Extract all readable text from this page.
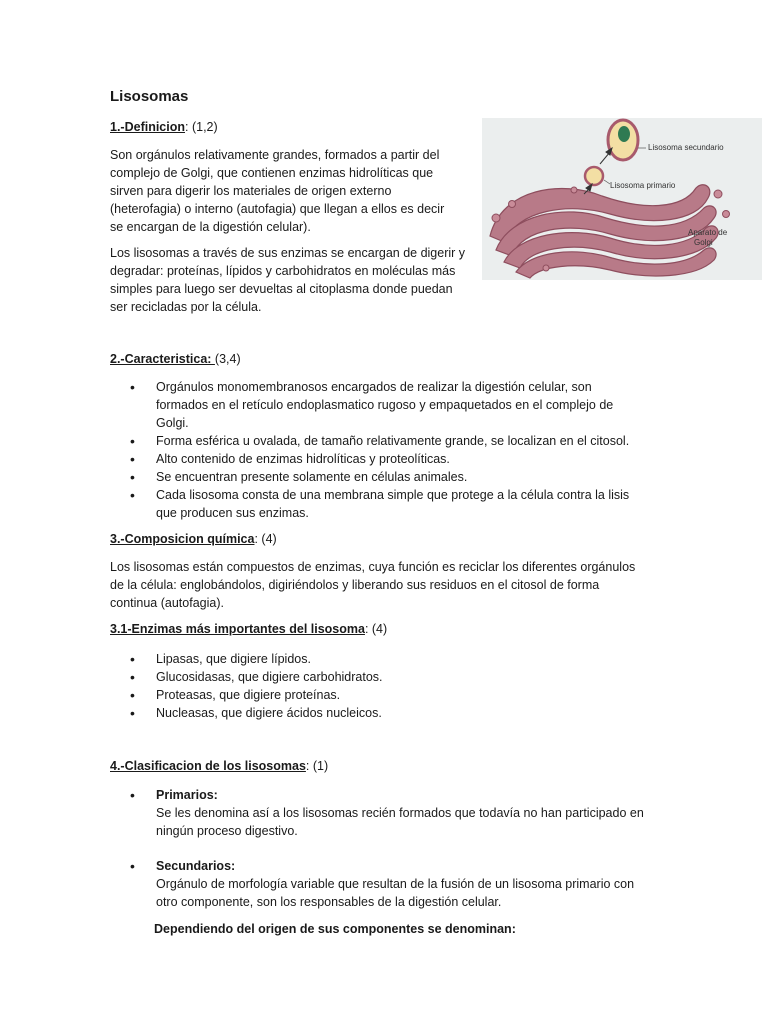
Lisosomas

1.-Definicion: (1,2)

Son orgánulos relativamente grandes, formados a partir del
complejo de Golgi, que contienen enzimas hidrolíticas que
sirven para digerir los materiales de origen externo
(heterofagia) o interno (autofagia) que llegan a ellos es decir
se encargan de la digestión celular).
Los lisosomas a través de sus enzimas se encargan de digerir y
degradar: proteínas, lípidos y carbohidratos en moléculas más
simples para luego ser devueltas al citoplasma donde puedan
ser recicladas por la célula.
Lisosoma secundario
Lisosoma primario
Aparato de
Golgi

2.-Caracteristica: (3,4)

• Orgánulos monomembranosos encargados de realizar la digestión celular, son
formados en el retículo endoplasmatico rugoso y empaquetados en el complejo de
Golgi.
• Forma esférica u ovalada, de tamaño relativamente grande, se localizan en el citosol.
• Alto contenido de enzimas hidrolíticas y proteolíticas.
• Se encuentran presente solamente en células animales.
• Cada lisosoma consta de una membrana simple que protege a la célula contra la lisis
que producen sus enzimas.

3.-Composicion química: (4)

Los lisosomas están compuestos de enzimas, cuya función es reciclar los diferentes orgánulos
de la célula: englobándolos, digiriéndolos y liberando sus residuos en el citosol de forma
continua (autofagia).

3.1-Enzimas más importantes del lisosoma: (4)

• Lipasas, que digiere lípidos.
• Glucosidasas, que digiere carbohidratos.
• Proteasas, que digiere proteínas.
• Nucleasas, que digiere ácidos nucleicos.

4.-Clasificacion de los lisosomas: (1)

• Primarios:
Se les denomina así a los lisosomas recién formados que todavía no han participado en
ningún proceso digestivo.
• Secundarios:
Orgánulo de morfología variable que resultan de la fusión de un lisosoma primario con
otro componente, son los responsables de la digestión celular.

Dependiendo del origen de sus componentes se denominan:
